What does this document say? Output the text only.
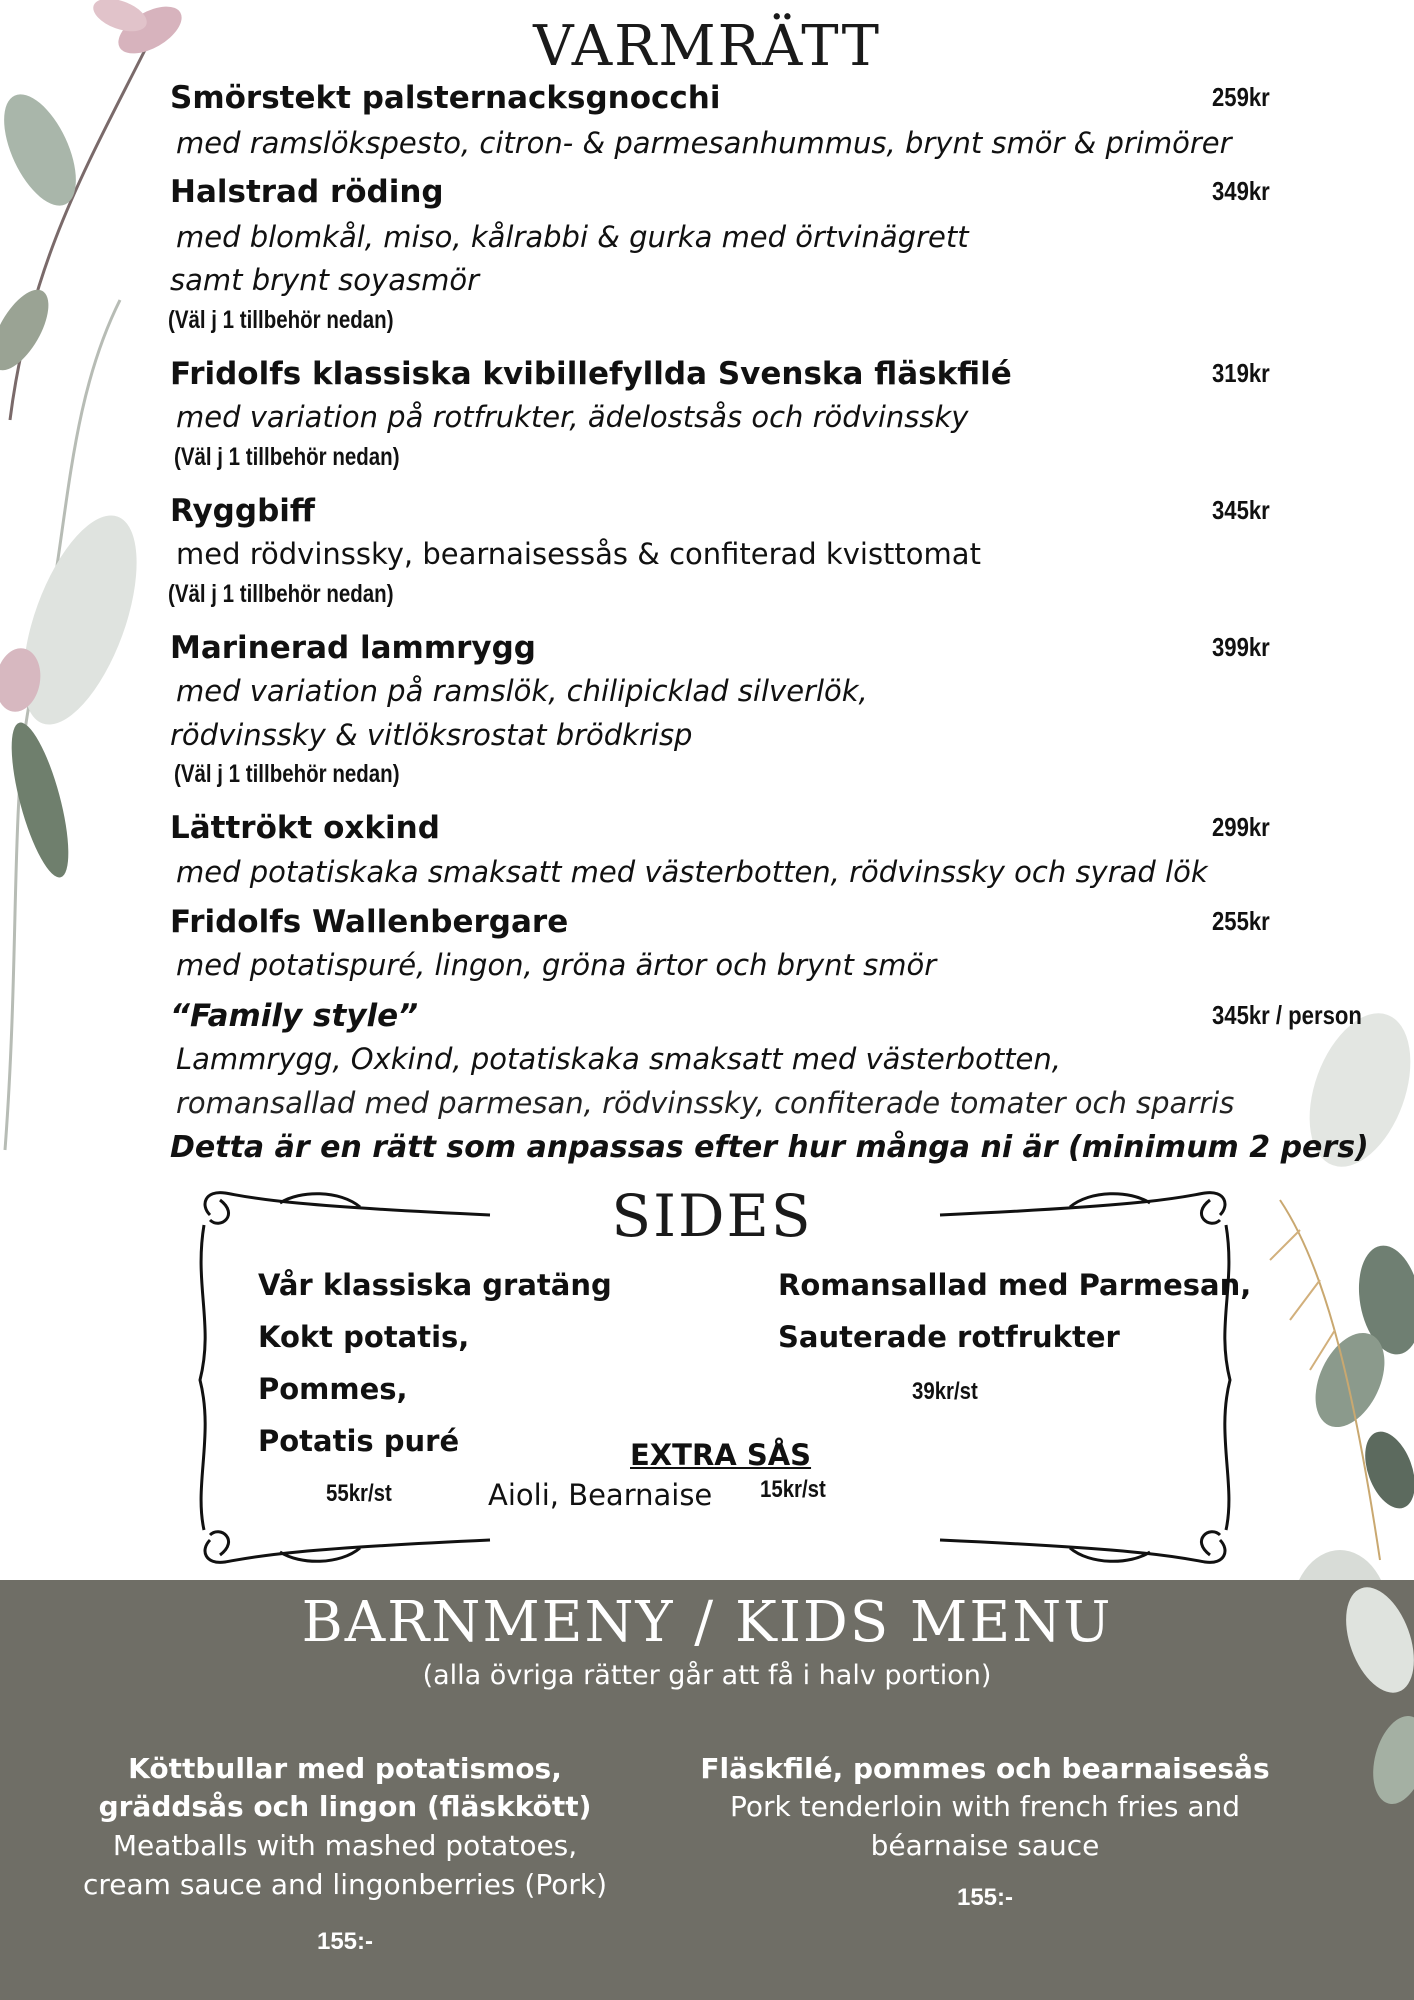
VARMRÄTT
Smörstekt palsternacksgnocchi	259kr
med ramslökspesto, citron- & parmesanhummus, brynt smör & primörer
Halstrad röding	349kr
med blomkål, miso, kålrabbi & gurka med örtvinägrett
samt brynt soyasmör
(Väl j 1 tillbehör nedan)
Fridolfs klassiska kvibillefyllda Svenska fläskfilé	319kr
med variation på rotfrukter, ädelostsås och rödvinssky
(Väl j 1 tillbehör nedan)
Ryggbiff	345kr
med rödvinssky, bearnaisessås & confiterad kvisttomat
(Väl j 1 tillbehör nedan)
Marinerad lammrygg	399kr
med variation på ramslök, chilipicklad silverlök,
rödvinssky & vitlöksrostat brödkrisp
(Väl j 1 tillbehör nedan)
Lättrökt oxkind	299kr
med potatiskaka smaksatt med västerbotten, rödvinssky och syrad lök
Fridolfs Wallenbergare	255kr
med potatispuré, lingon, gröna ärtor och brynt smör
“Family style”	345kr / person
Lammrygg, Oxkind, potatiskaka smaksatt med västerbotten,
romansallad med parmesan, rödvinssky, confiterade tomater och sparris
Detta är en rätt som anpassas efter hur många ni är (minimum 2 pers)
SIDES
Vår klassiska gratäng
Kokt potatis,
Pommes,
Potatis puré
55kr/st
Romansallad med Parmesan,
Sauterade rotfrukter
39kr/st
EXTRA SÅS
Aioli, Bearnaise 15kr/st
BARNMENY / KIDS MENU
(alla övriga rätter går att få i halv portion)
Köttbullar med potatismos,
gräddsås och lingon (fläskkött)
Meatballs with mashed potatoes,
cream sauce and lingonberries (Pork)
155:-
Fläskfilé, pommes och bearnaisesås
Pork tenderloin with french fries and
béarnaise sauce
155:-
